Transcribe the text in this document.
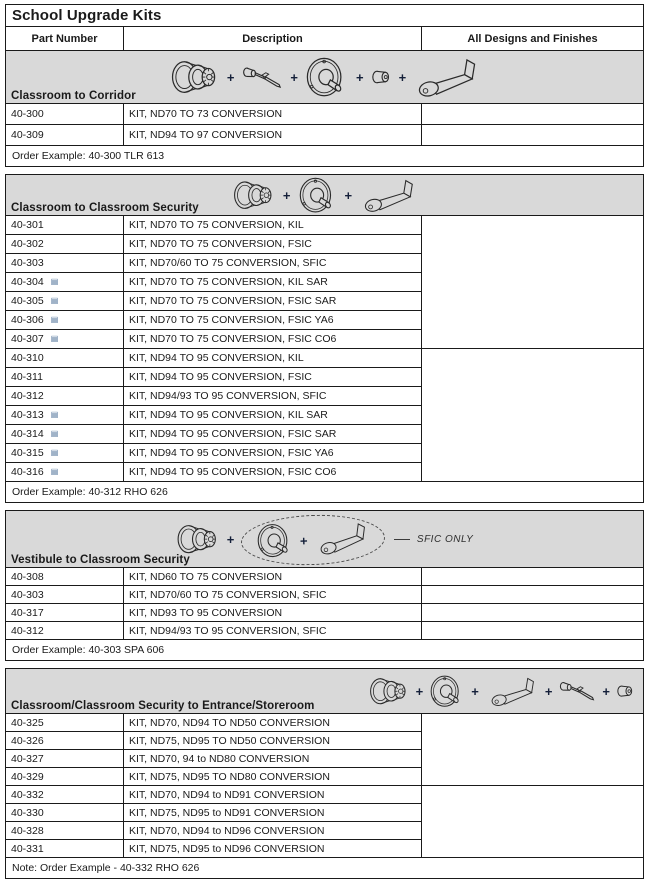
School Upgrade Kits		
Part Number	Description	All Designs and Finishes

+ + + +
Classroom to Corridor		

40-300	KIT, ND70 TO 73 CONVERSION	
40-309	KIT, ND94 TO 97 CONVERSION	
Order Example: 40-300 TLR 613		
+ +
Classroom to Classroom Security		

40-301	KIT, ND70 TO 75 CONVERSION, KIL	
40-302	KIT, ND70 TO 75 CONVERSION, FSIC	
40-303	KIT, ND70/60 TO 75 CONVERSION, SFIC	
40-304 ▤	KIT, ND70 TO 75 CONVERSION, KIL SAR	
40-305 ▤	KIT, ND70 TO 75 CONVERSION, FSIC SAR	
40-306 ▤	KIT, ND70 TO 75 CONVERSION, FSIC YA6	
40-307 ▤	KIT, ND70 TO 75 CONVERSION, FSIC CO6	
40-310	KIT, ND94 TO 95 CONVERSION, KIL	
40-311	KIT, ND94 TO 95 CONVERSION, FSIC	
40-312	KIT, ND94/93 TO 95 CONVERSION, SFIC	
40-313 ▤	KIT, ND94 TO 95 CONVERSION, KIL SAR	
40-314 ▤	KIT, ND94 TO 95 CONVERSION, FSIC SAR	
40-315 ▤	KIT, ND94 TO 95 CONVERSION, FSIC YA6	
40-316 ▤	KIT, ND94 TO 95 CONVERSION, FSIC CO6	
Order Example: 40-312 RHO 626		
+ + SFIC ONLY
Vestibule to Classroom Security		

40-308	KIT, ND60 TO 75 CONVERSION	
40-303	KIT, ND70/60 TO 75 CONVERSION, SFIC	
40-317	KIT, ND93 TO 95 CONVERSION	
40-312	KIT, ND94/93 TO 95 CONVERSION, SFIC	
Order Example: 40-303 SPA 606		
+ + + +
Classroom/Classroom Security to Entrance/Storeroom		

40-325	KIT, ND70, ND94 TO ND50 CONVERSION	
40-326	KIT, ND75, ND95 TO ND50 CONVERSION	
40-327	KIT, ND70, 94 to ND80 CONVERSION	
40-329	KIT, ND75, ND95 TO ND80 CONVERSION	
40-332	KIT, ND70, ND94 to ND91 CONVERSION	
40-330	KIT, ND75, ND95 to ND91 CONVERSION	
40-328	KIT, ND70, ND94 to ND96 CONVERSION	
40-331	KIT, ND75, ND95 to ND96 CONVERSION	
Note: Order Example - 40-332 RHO 626		
